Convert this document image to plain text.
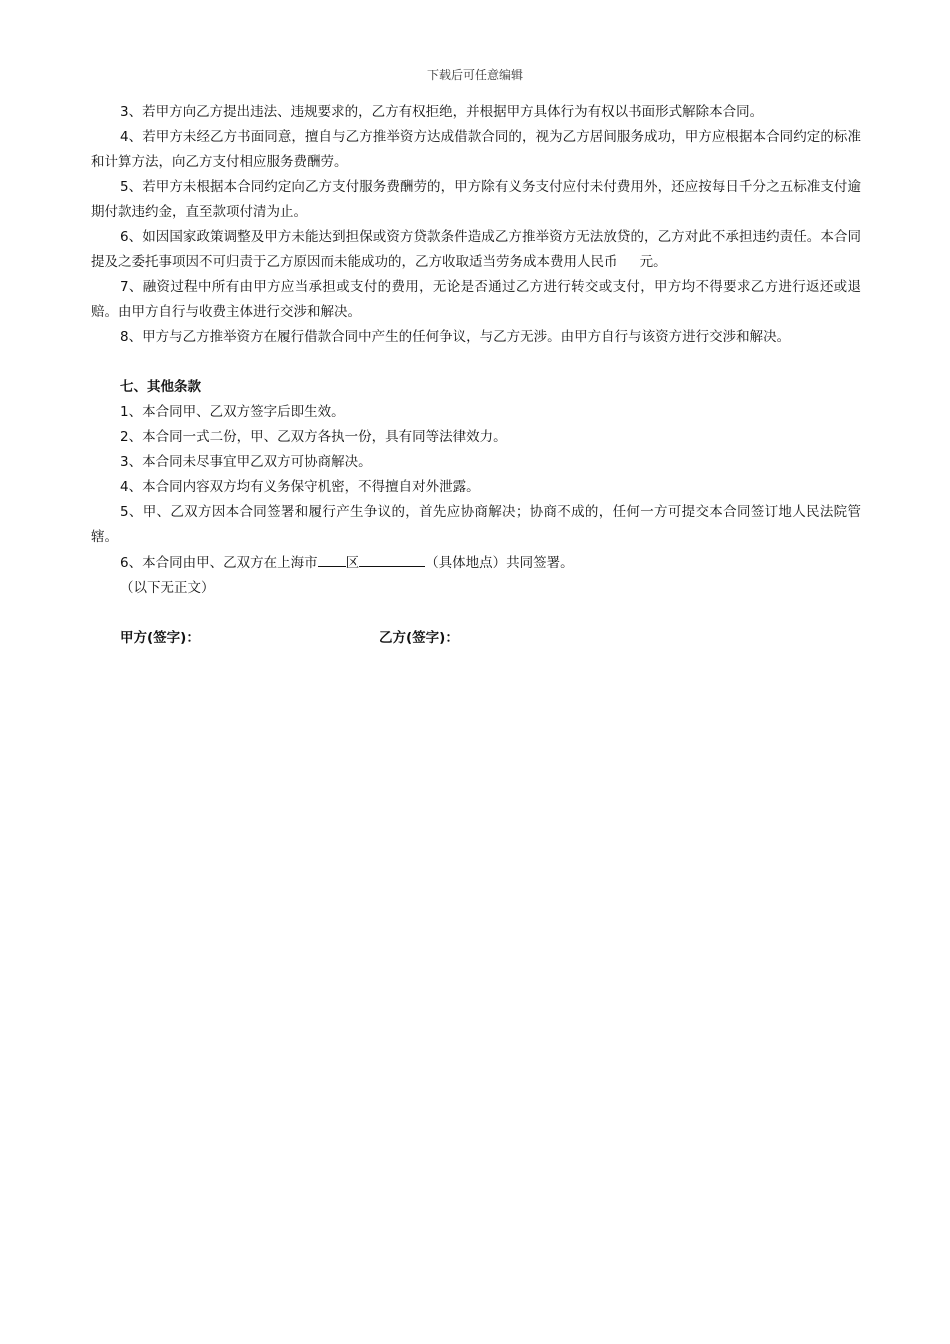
下载后可任意编辑

3、若甲方向乙方提出违法、违规要求的，乙方有权拒绝，并根据甲方具体行为有权以书面形式解除本合同。

4、若甲方未经乙方书面同意，擅自与乙方推举资方达成借款合同的，视为乙方居间服务成功，甲方应根据本合同约定的标准和计算方法，向乙方支付相应服务费酬劳。

5、若甲方未根据本合同约定向乙方支付服务费酬劳的，甲方除有义务支付应付未付费用外，还应按每日千分之五标准支付逾期付款违约金，直至款项付清为止。

6、如因国家政策调整及甲方未能达到担保或资方贷款条件造成乙方推举资方无法放贷的，乙方对此不承担违约责任。本合同提及之委托事项因不可归责于乙方原因而未能成功的，乙方收取适当劳务成本费用人民币 　 元。

7、融资过程中所有由甲方应当承担或支付的费用，无论是否通过乙方进行转交或支付，甲方均不得要求乙方进行返还或退赔。由甲方自行与收费主体进行交涉和解决。

8、甲方与乙方推举资方在履行借款合同中产生的任何争议，与乙方无涉。由甲方自行与该资方进行交涉和解决。

七、其他条款

1、本合同甲、乙双方签字后即生效。

2、本合同一式二份，甲、乙双方各执一份，具有同等法律效力。

3、本合同未尽事宜甲乙双方可协商解决。

4、本合同内容双方均有义务保守机密，不得擅自对外泄露。

5、甲、乙双方因本合同签署和履行产生争议的，首先应协商解决；协商不成的，任何一方可提交本合同签订地人民法院管辖。

6、本合同由甲、乙双方在上海市 区	（具体地点）共同签署。

（以下无正文）

甲方(签字)：	乙方(签字)：
